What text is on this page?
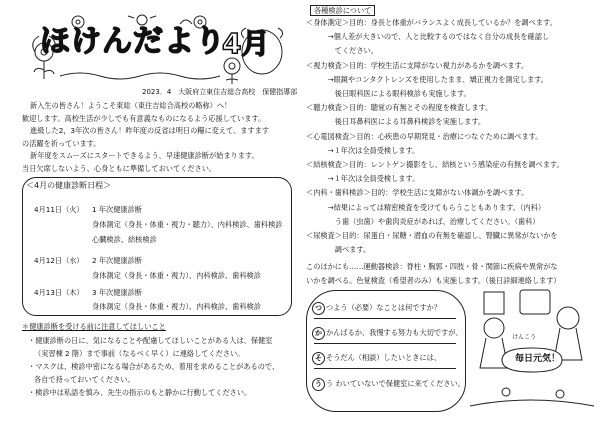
ほけんだより
4月
2023．4　大阪府立東住吉総合高校　保健指導部
新入生の皆さん！ようこそ東総（東住吉総合高校の略称）へ！
歓迎します。高校生活が少しでも有意義なものになるよう応援しています。
進級した2，3年次の皆さん！昨年度の反省は明日の糧に変えて、ますます
の活躍を祈っています。
新年度をスムーズにスタートできるよう、早速健康診断が始まります。
当日欠席しないよう、心身ともに準備しておいてください。
＜4月の健康診断日程＞
4月11日（火） 1 年次健康診断
身体測定（身長・体重・視力・聴力）、内科検診、歯科検診
心臓検診、結核検診
4月12日（水） 2 年次健康診断
身体測定（身長・体重・視力）、内科検診、歯科検診
4月13日（木） 3 年次健康診断
身体測定（身長・体重・視力）、内科検診、歯科検診
＊健康診断を受ける前に注意してほしいこと
・健康診断の日に、気になることや配慮してほしいことがある人は、保健室
（実習棟 2 階）まで事前（なるべく早く）に連絡してください。
・マスクは、検診中密になる場合があるため、着用を求めることがあるので、
各自で持っておいてください。
・検診中は私語を慎み、先生の指示のもと静かに行動してください。
各種検診について
＜身体測定＞目的：身長と体重がバランスよく成長しているか？を調べます。
　　　→個人差が大きいので、人と比較するのではなく自分の成長を確認し
　　　　てください。
＜視力検査＞目的：学校生活に支障がない視力があるかを調べます。
　　　→眼鏡やコンタクトレンズを使用したまま、矯正視力を測定します。
　　　　後日眼科医による眼科検診も実施します。
＜聴力検査＞目的：聴覚の有無とその程度を検査します。
　　　　後日耳鼻科医による耳鼻科検診を実施します。
＜心電図検査＞目的：心疾患の早期発見・治療につなぐために調べます。
　　　→１年次は全員受検します。
＜結核検査＞目的：レントゲン撮影をし、結核という感染症の有無を調べます。
　　　→１年次は全員受検します。
＜内科・歯科検診＞目的：学校生活に支障がない体調かを調べます。
　　　→結果によっては精密検査を受けてもらうこともあります。（内科）
　　　　う歯（虫歯）や歯肉炎症があれば、治療してください。（歯科）
＜尿検査＞目的：尿蛋白・尿糖・潜血の有無を確認し、腎臓に異常がないかを
　　　　調べます。
このほかにも……運動器検診：脊柱・胸郭・四肢・骨・関節に疾病や異常がな
いかを調べる。色覚検査（希望者のみ）も実施します。（後日詳細連絡します）
つ つよう（必要）なことは何ですか？
か かんばるか、我慢する努力も大切ですが、
そ そうだん（相談）したいときには、
う う わいていないで保健室に来てください。
毎日元気！
けんこう
